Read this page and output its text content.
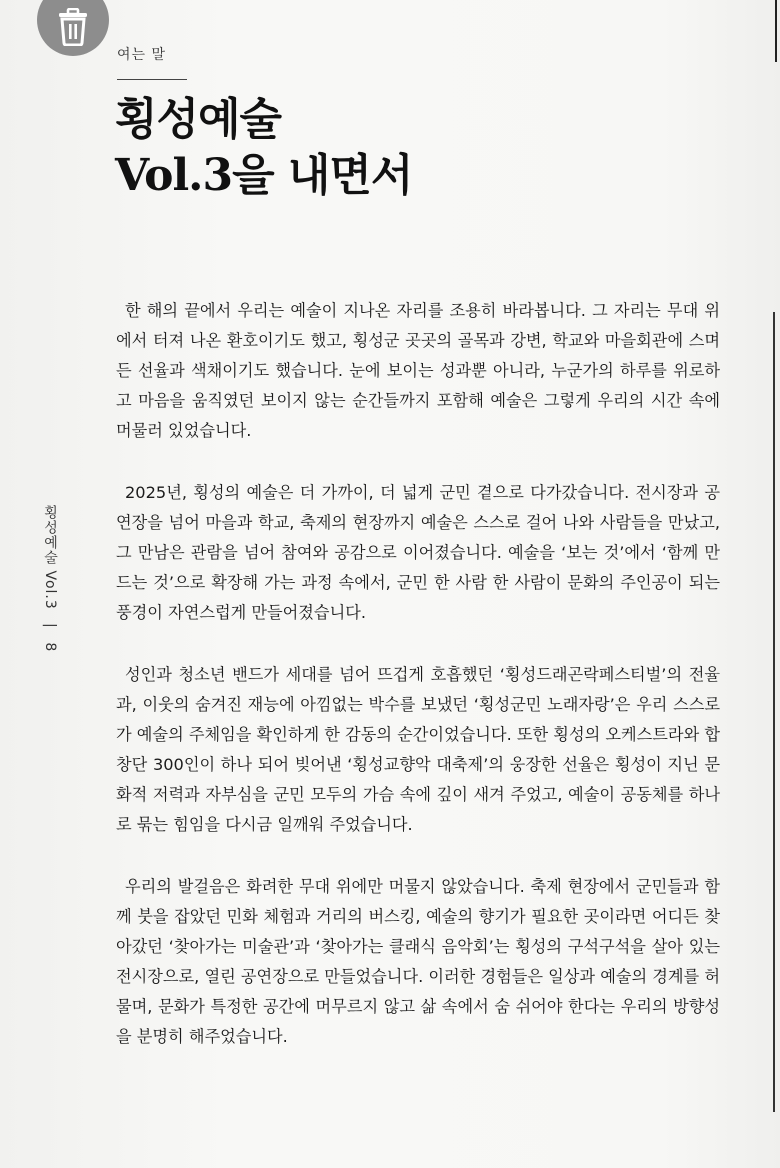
여는 말
횡성예술
Vol.3을 내면서
횡성예술 Vol.3 | 8

한 해의 끝에서 우리는 예술이 지나온 자리를 조용히 바라봅니다. 그 자리는 무대 위에서 터져 나온 환호이기도 했고, 횡성군 곳곳의 골목과 강변, 학교와 마을회관에 스며든 선율과 색채이기도 했습니다. 눈에 보이는 성과뿐 아니라, 누군가의 하루를 위로하고 마음을 움직였던 보이지 않는 순간들까지 포함해 예술은 그렇게 우리의 시간 속에 머물러 있었습니다.

2025년, 횡성의 예술은 더 가까이, 더 넓게 군민 곁으로 다가갔습니다. 전시장과 공연장을 넘어 마을과 학교, 축제의 현장까지 예술은 스스로 걸어 나와 사람들을 만났고, 그 만남은 관람을 넘어 참여와 공감으로 이어졌습니다. 예술을 ‘보는 것’에서 ‘함께 만드는 것’으로 확장해 가는 과정 속에서, 군민 한 사람 한 사람이 문화의 주인공이 되는 풍경이 자연스럽게 만들어졌습니다.

성인과 청소년 밴드가 세대를 넘어 뜨겁게 호흡했던 ‘횡성드래곤락페스티벌’의 전율과, 이웃의 숨겨진 재능에 아낌없는 박수를 보냈던 ‘횡성군민 노래자랑’은 우리 스스로가 예술의 주체임을 확인하게 한 감동의 순간이었습니다. 또한 횡성의 오케스트라와 합창단 300인이 하나 되어 빚어낸 ‘횡성교향악 대축제’의 웅장한 선율은 횡성이 지닌 문화적 저력과 자부심을 군민 모두의 가슴 속에 깊이 새겨 주었고, 예술이 공동체를 하나로 묶는 힘임을 다시금 일깨워 주었습니다.

우리의 발걸음은 화려한 무대 위에만 머물지 않았습니다. 축제 현장에서 군민들과 함께 붓을 잡았던 민화 체험과 거리의 버스킹, 예술의 향기가 필요한 곳이라면 어디든 찾아갔던 ‘찾아가는 미술관’과 ‘찾아가는 클래식 음악회’는 횡성의 구석구석을 살아 있는 전시장으로, 열린 공연장으로 만들었습니다. 이러한 경험들은 일상과 예술의 경계를 허물며, 문화가 특정한 공간에 머무르지 않고 삶 속에서 숨 쉬어야 한다는 우리의 방향성을 분명히 해주었습니다.
